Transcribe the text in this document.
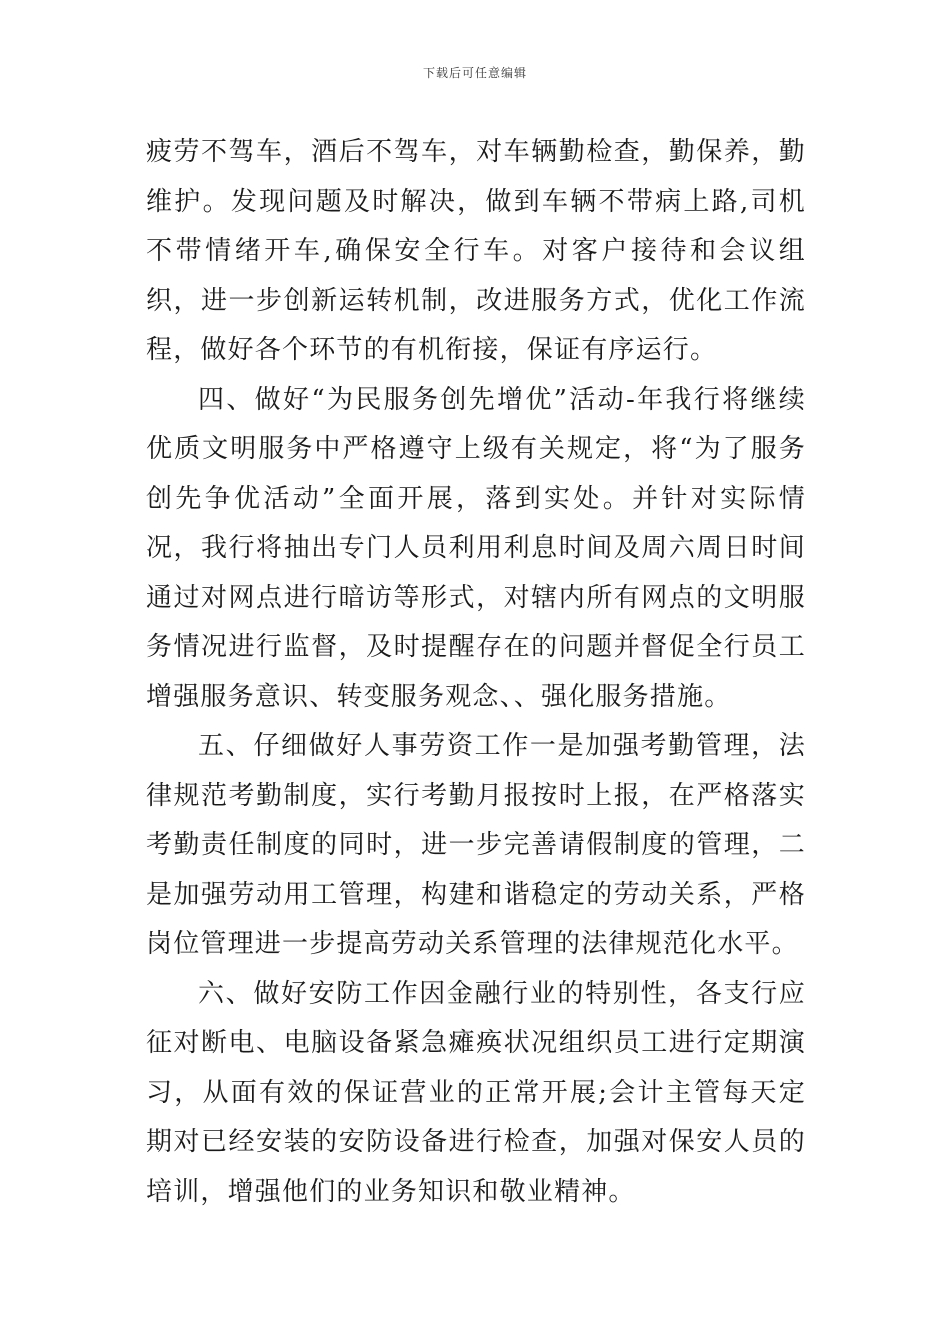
下载后可任意编辑

疲劳不驾车，酒后不驾车，对车辆勤检查，勤保养，勤维护。发现问题及时解决，做到车辆不带病上路,司机不带情绪开车,确保安全行车。对客户接待和会议组织，进一步创新运转机制，改进服务方式，优化工作流程，做好各个环节的有机衔接，保证有序运行。

四、做好“为民服务创先增优”活动-年我行将继续优质文明服务中严格遵守上级有关规定，将“为了服务创先争优活动”全面开展，落到实处。并针对实际情况，我行将抽出专门人员利用利息时间及周六周日时间通过对网点进行暗访等形式，对辖内所有网点的文明服务情况进行监督，及时提醒存在的问题并督促全行员工增强服务意识、转变服务观念、、强化服务措施。

五、仔细做好人事劳资工作一是加强考勤管理，法律规范考勤制度，实行考勤月报按时上报，在严格落实考勤责任制度的同时，进一步完善请假制度的管理，二是加强劳动用工管理，构建和谐稳定的劳动关系，严格岗位管理进一步提高劳动关系管理的法律规范化水平。

六、做好安防工作因金融行业的特别性，各支行应征对断电、电脑设备紧急瘫痪状况组织员工进行定期演习，从面有效的保证营业的正常开展;会计主管每天定期对已经安装的安防设备进行检查，加强对保安人员的培训，增强他们的业务知识和敬业精神。
